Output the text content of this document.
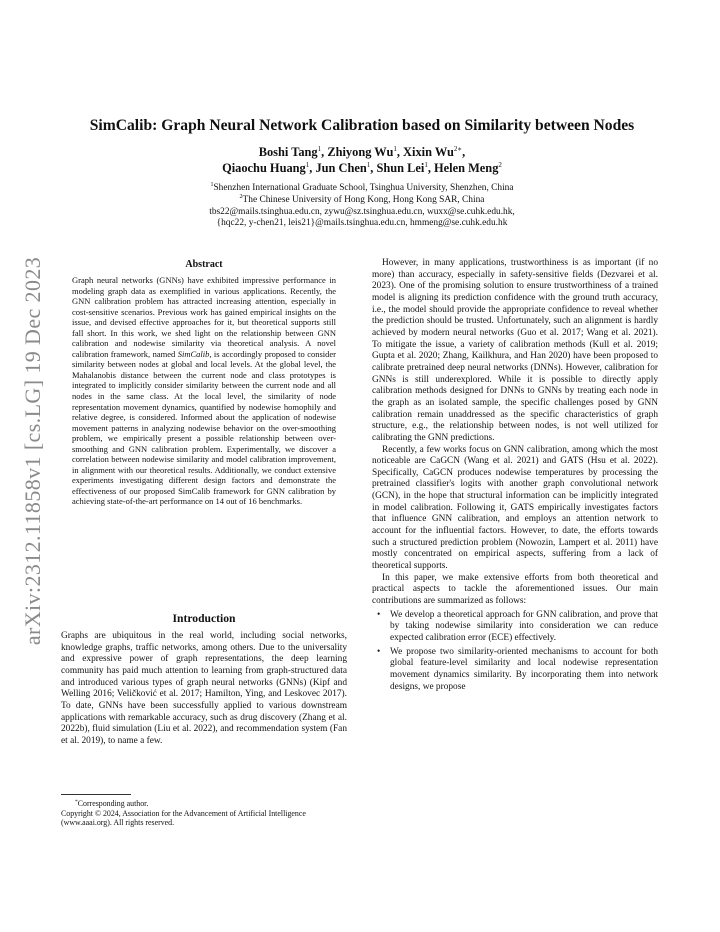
arXiv:2312.11858v1 [cs.LG] 19 Dec 2023
SimCalib: Graph Neural Network Calibration based on Similarity between Nodes
Boshi Tang$^1$, Zhiyong Wu$^1$, Xixin $Wu^{2∗}$,
Qiaochu Huang$^1$, Jun Chen$^1$, Shun Lei$^1$, Helen Meng$^2$
$^1$Shenzhen International Graduate School, Tsinghua University, Shenzhen, China
$^2$The Chinese University of Hong Kong, Hong Kong SAR, China
tbs22@mails.tsinghua.edu.cn, zywu@sz.tsinghua.edu.cn, wuxx@se.cuhk.edu.hk,
{hqc22, y-chen21, leis21}@mails.tsinghua.edu.cn, hmmeng@se.cuhk.edu.hk
Abstract

Graph neural networks (GNNs) have exhibited impressive performance in modeling graph data as exemplified in various applications. Recently, the GNN calibration problem has attracted increasing attention, especially in cost-sensitive scenarios. Previous work has gained empirical insights on the issue, and devised effective approaches for it, but theoretical supports still fall short. In this work, we shed light on the relationship between GNN calibration and nodewise similarity via theoretical analysis. A novel calibration framework, named SimCalib, is accordingly proposed to consider similarity between nodes at global and local levels. At the global level, the Mahalanobis distance between the current node and class prototypes is integrated to implicitly consider similarity between the current node and all nodes in the same class. At the local level, the similarity of node representation movement dynamics, quantified by nodewise homophily and relative degree, is considered. Informed about the application of nodewise movement patterns in analyzing nodewise behavior on the over-smoothing problem, we empirically present a possible relationship between over-smoothing and GNN calibration problem. Experimentally, we discover a correlation between nodewise similarity and model calibration improvement, in alignment with our theoretical results. Additionally, we conduct extensive experiments investigating different design factors and demonstrate the effectiveness of our proposed SimCalib framework for GNN calibration by achieving state-of-the-art performance on 14 out of 16 benchmarks.

Introduction

Graphs are ubiquitous in the real world, including social networks, knowledge graphs, traffic networks, among others. Due to the universality and expressive power of graph representations, the deep learning community has paid much attention to learning from graph-structured data and introduced various types of graph neural networks (GNNs) (Kipf and Welling 2016; Veličković et al. 2017; Hamilton, Ying, and Leskovec 2017). To date, GNNs have been successfully applied to various downstream applications with remarkable accuracy, such as drug discovery (Zhang et al. 2022b), fluid simulation (Liu et al. 2022), and recommendation system (Fan et al. 2019), to name a few.

*Corresponding author.
Copyright © 2024, Association for the Advancement of Artificial Intelligence (www.aaai.org). All rights reserved.

However, in many applications, trustworthiness is as important (if no more) than accuracy, especially in safety-sensitive fields (Dezvarei et al. 2023). One of the promising solution to ensure trustworthiness of a trained model is aligning its prediction confidence with the ground truth accuracy, i.e., the model should provide the appropriate confidence to reveal whether the prediction should be trusted. Unfortunately, such an alignment is hardly achieved by modern neural networks (Guo et al. 2017; Wang et al. 2021). To mitigate the issue, a variety of calibration methods (Kull et al. 2019; Gupta et al. 2020; Zhang, Kailkhura, and Han 2020) have been proposed to calibrate pretrained deep neural networks (DNNs). However, calibration for GNNs is still underexplored. While it is possible to directly apply calibration methods designed for DNNs to GNNs by treating each node in the graph as an isolated sample, the specific challenges posed by GNN calibration remain unaddressed as the specific characteristics of graph structure, e.g., the relationship between nodes, is not well utilized for calibrating the GNN predictions.

Recently, a few works focus on GNN calibration, among which the most noticeable are CaGCN (Wang et al. 2021) and GATS (Hsu et al. 2022). Specifically, CaGCN produces nodewise temperatures by processing the pretrained classifier's logits with another graph convolutional network (GCN), in the hope that structural information can be implicitly integrated in model calibration. Following it, GATS empirically investigates factors that influence GNN calibration, and employs an attention network to account for the influential factors. However, to date, the efforts towards such a structured prediction problem (Nowozin, Lampert et al. 2011) have mostly concentrated on empirical aspects, suffering from a lack of theoretical supports.

In this paper, we make extensive efforts from both theoretical and practical aspects to tackle the aforementioned issues. Our main contributions are summarized as follows:

• We develop a theoretical approach for GNN calibration, and prove that by taking nodewise similarity into consideration we can reduce expected calibration error (ECE) effectively.
• We propose two similarity-oriented mechanisms to account for both global feature-level similarity and local nodewise representation movement dynamics similarity. By incorporating them into network designs, we propose
